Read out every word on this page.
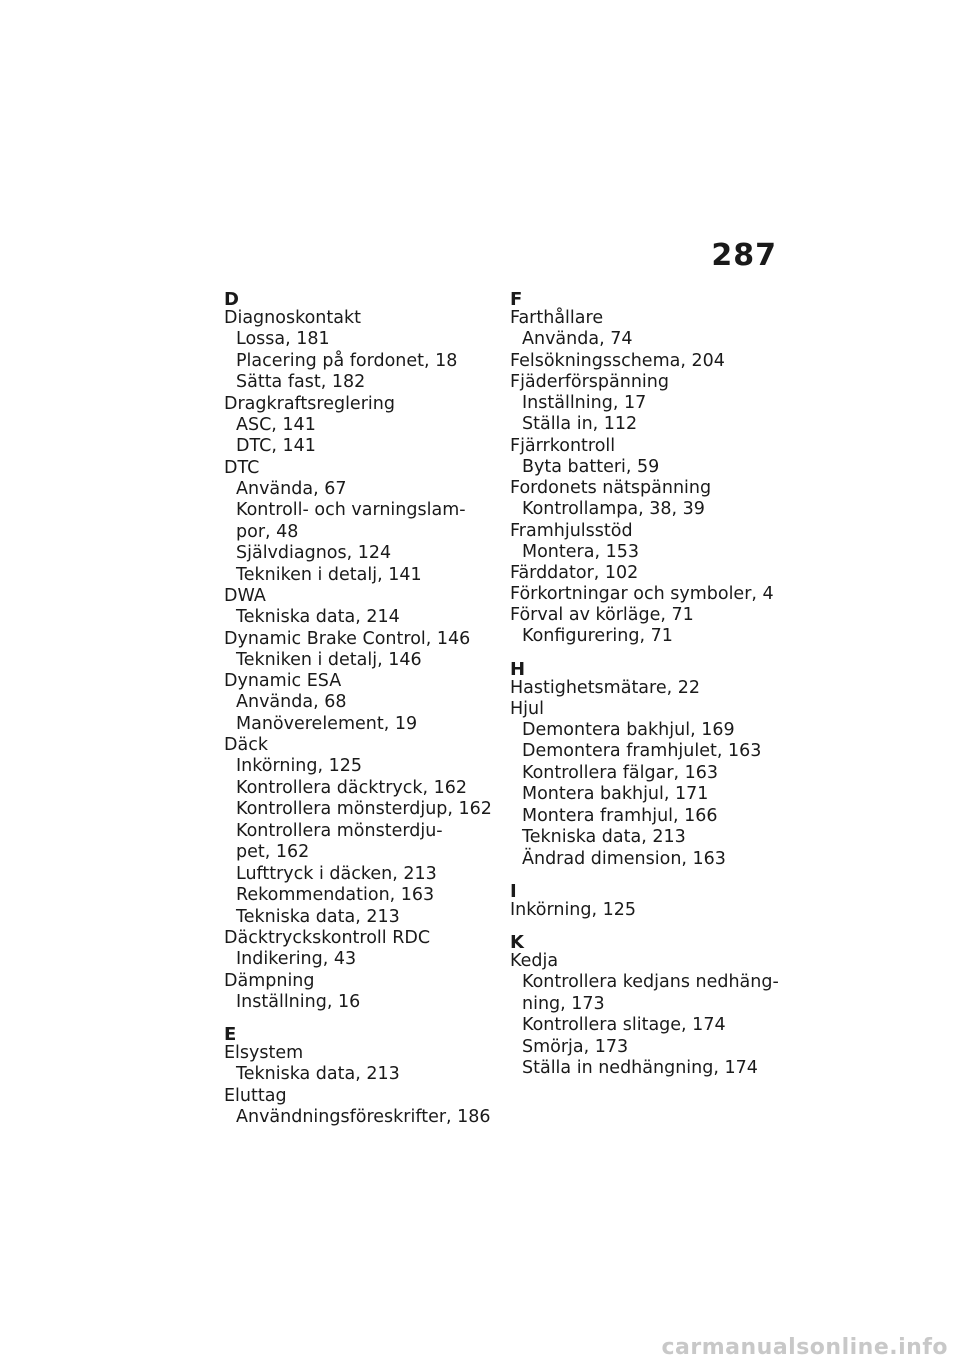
287
D
Diagnoskontakt
Lossa, 181
Placering på fordonet, 18
Sätta fast, 182
Dragkraftsreglering
ASC, 141
DTC, 141
DTC
Använda, 67
Kontroll- och varningslam-
por, 48
Självdiagnos, 124
Tekniken i detalj, 141
DWA
Tekniska data, 214
Dynamic Brake Control, 146
Tekniken i detalj, 146
Dynamic ESA
Använda, 68
Manöverelement, 19
Däck
Inkörning, 125
Kontrollera däcktryck, 162
Kontrollera mönsterdjup, 162
Kontrollera mönsterdju-
pet, 162
Lufttryck i däcken, 213
Rekommendation, 163
Tekniska data, 213
Däcktryckskontroll RDC
Indikering, 43
Dämpning
Inställning, 16
E
Elsystem
Tekniska data, 213
Eluttag
Användningsföreskrifter, 186
F
Farthållare
Använda, 74
Felsökningsschema, 204
Fjäderförspänning
Inställning, 17
Ställa in, 112
Fjärrkontroll
Byta batteri, 59
Fordonets nätspänning
Kontrollampa, 38, 39
Framhjulsstöd
Montera, 153
Färddator, 102
Förkortningar och symboler, 4
Förval av körläge, 71
Konfigurering, 71
H
Hastighetsmätare, 22
Hjul
Demontera bakhjul, 169
Demontera framhjulet, 163
Kontrollera fälgar, 163
Montera bakhjul, 171
Montera framhjul, 166
Tekniska data, 213
Ändrad dimension, 163
I
Inkörning, 125
K
Kedja
Kontrollera kedjans nedhäng-
ning, 173
Kontrollera slitage, 174
Smörja, 173
Ställa in nedhängning, 174
carmanualsonline.info
